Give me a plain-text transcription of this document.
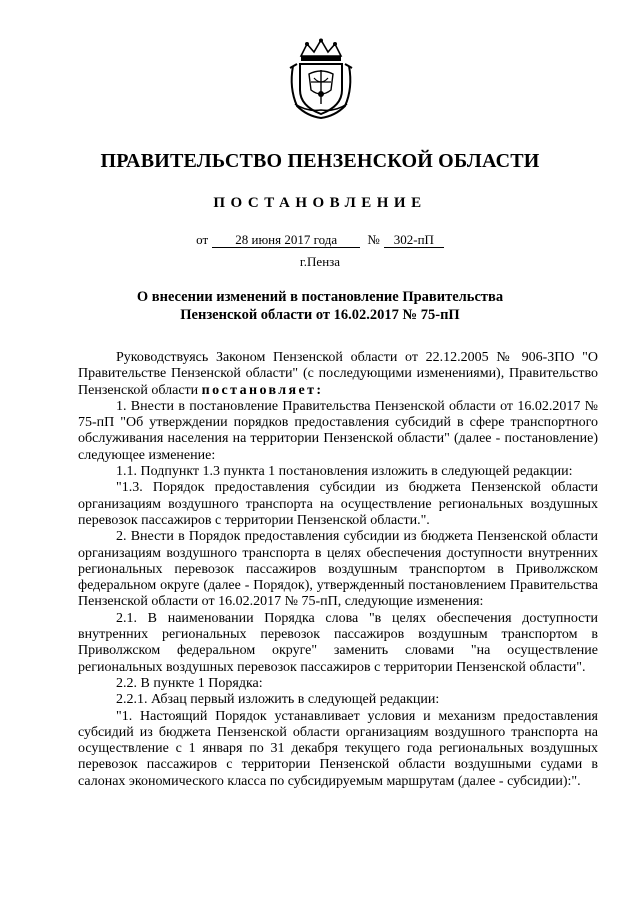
ПРАВИТЕЛЬСТВО ПЕНЗЕНСКОЙ ОБЛАСТИ
ПОСТАНОВЛЕНИЕ
от 28 июня 2017 года № 302-пП
г.Пенза
О внесении изменений в постановление Правительства Пензенской области от 16.02.2017 № 75-пП

Руководствуясь Законом Пензенской области от 22.12.2005 № 906-ЗПО "О Правительстве Пензенской области" (с последующими изменениями), Правительство Пензенской области постановляет:

1. Внести в постановление Правительства Пензенской области от 16.02.2017 № 75-пП "Об утверждении порядков предоставления субсидий в сфере транспортного обслуживания населения на территории Пензенской области" (далее - постановление) следующее изменение:

1.1. Подпункт 1.3 пункта 1 постановления изложить в следующей редакции:

"1.3. Порядок предоставления субсидии из бюджета Пензенской области организациям воздушного транспорта на осуществление региональных воздушных перевозок пассажиров с территории Пензенской области.".

2. Внести в Порядок предоставления субсидии из бюджета Пензенской области организациям воздушного транспорта в целях обеспечения доступности внутренних региональных перевозок пассажиров воздушным транспортом в Приволжском федеральном округе (далее - Порядок), утвержденный постановлением Правительства Пензенской области от 16.02.2017 № 75-пП, следующие изменения:

2.1. В наименовании Порядка слова "в целях обеспечения доступности внутренних региональных перевозок пассажиров воздушным транспортом в Приволжском федеральном округе" заменить словами "на осуществление региональных воздушных перевозок пассажиров с территории Пензенской области".

2.2. В пункте 1 Порядка:

2.2.1. Абзац первый изложить в следующей редакции:

"1. Настоящий Порядок устанавливает условия и механизм предоставления субсидий из бюджета Пензенской области организациям воздушного транспорта на осуществление с 1 января по 31 декабря текущего года региональных воздушных перевозок пассажиров с территории Пензенской области воздушными судами в салонах экономического класса по субсидируемым маршрутам (далее - субсидии):".
